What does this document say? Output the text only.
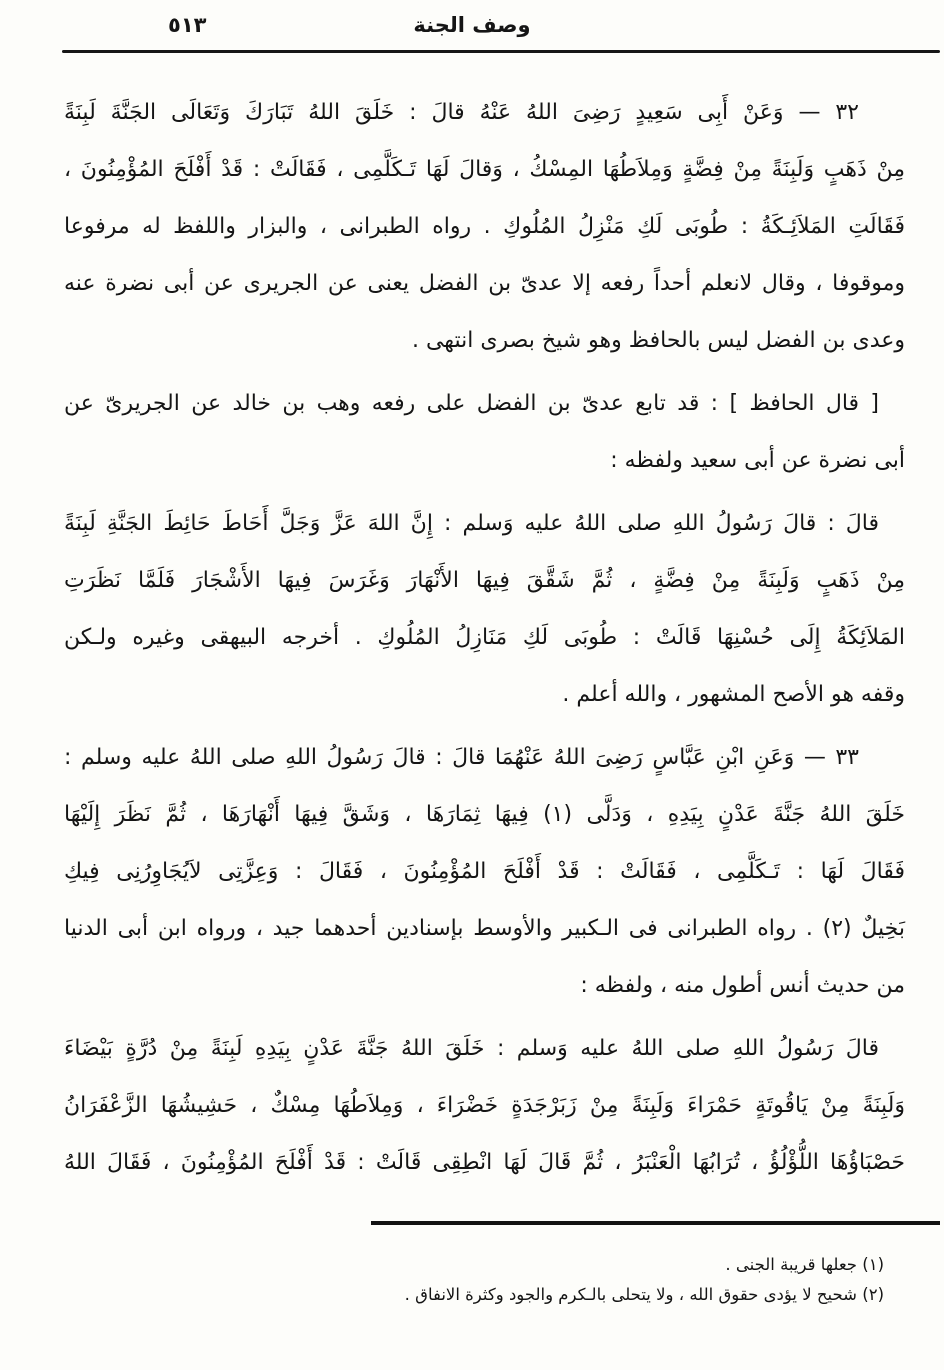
٥١٣	وصف الجنة
٣٢ — وَعَنْ أَبِى سَعِيدٍ رَضِىَ اللهُ عَنْهُ قالَ : خَلَقَ اللهُ تَبَارَكَ وَتَعَالَى الجَنَّةَ لَبِنَةً
مِنْ ذَهَبٍ وَلَبِنَةً مِنْ فِضَّةٍ وَمِلاَطُهَا المِسْكُ ، وَقالَ لَهَا تَـكَلَّمِى ، فَقَالَتْ : قَدْ أَفْلَحَ المُؤْمِنُونَ ،
فَقَالَتِ المَلاَئِـكَةُ : طُوبَى لَكِ مَنْزِلُ المُلُوكِ . رواه الطبرانى ، والبزار واللفظ له مرفوعا
وموقوفا ، وقال لانعلم أحداً رفعه إلا عدىّ بن الفضل يعنى عن الجريرى عن أبى نضرة عنه
وعدى بن الفضل ليس بالحافظ وهو شيخ بصرى انتهى .
[ قال الحافظ ] : قد تابع عدىّ بن الفضل على رفعه وهب بن خالد عن الجريرىّ عن
أبى نضرة عن أبى سعيد ولفظه :
قالَ : قالَ رَسُولُ اللهِ صلى اللهُ عليه وَسلم : إِنَّ اللهَ عَزَّ وَجَلَّ أَحَاطَ حَائِطَ الجَنَّةِ لَبِنَةً
مِنْ ذَهَبٍ وَلَبِنَةً مِنْ فِضَّةٍ ، ثُمَّ شَقَّقَ فِيهَا الأَنْهَارَ وَغَرَسَ فِيهَا الأَشْجَارَ فَلَمَّا نَظَرَتِ
المَلاَئِكَةُ إِلَى حُسْنِهَا قَالَتْ : طُوبَى لَكِ مَنَازِلُ المُلُوكِ . أخرجه البيهقى وغيره ولـكن
وقفه هو الأصح المشهور ، والله أعلم .
٣٣ — وَعَنِ ابْنِ عَبَّاسٍ رَضِىَ اللهُ عَنْهُمَا قالَ : قالَ رَسُولُ اللهِ صلى اللهُ عليه وسلم :
خَلَقَ اللهُ جَنَّةَ عَدْنٍ بِيَدِهِ ، وَدَلَّى (١) فِيهَا ثِمَارَهَا ، وَشَقَّ فِيهَا أَنْهَارَهَا ، ثُمَّ نَظَرَ إِلَيْهَا
فَقَالَ لَهَا : تَـكَلَّمِى ، فَقَالَتْ : قَدْ أَفْلَحَ المُؤْمِنُونَ ، فَقَالَ : وَعِزَّتِى لاَيُجَاوِرُنِى فِيكِ
بَخِيلٌ (٢) . رواه الطبرانى فى الـكبير والأوسط بإسنادين أحدهما جيد ، ورواه ابن أبى الدنيا
من حديث أنس أطول منه ، ولفظه :
قالَ رَسُولُ اللهِ صلى اللهُ عليه وَسلم : خَلَقَ اللهُ جَنَّةَ عَدْنٍ بِيَدِهِ لَبِنَةً مِنْ دُرَّةٍ بَيْضَاءَ
وَلَبِنَةً مِنْ يَاقُوتَةٍ حَمْرَاءَ وَلَبِنَةً مِنْ زَبَرْجَدَةٍ خَضْرَاءَ ، وَمِلاَطُهَا مِسْكٌ ، حَشِيشُهَا الزَّعْفَرَانُ
حَصْبَاؤُهَا اللُّؤْلُؤُ ، تُرَابُهَا الْعَنْبَرُ ، ثُمَّ قَالَ لَهَا انْطِقِى قَالَتْ : قَدْ أَفْلَحَ المُؤْمِنُونَ ، فَقَالَ اللهُ
(١) جعلها قريبة الجنى .
(٢) شحيح لا يؤدى حقوق الله ، ولا يتحلى بالـكرم والجود وكثرة الانفاق .
